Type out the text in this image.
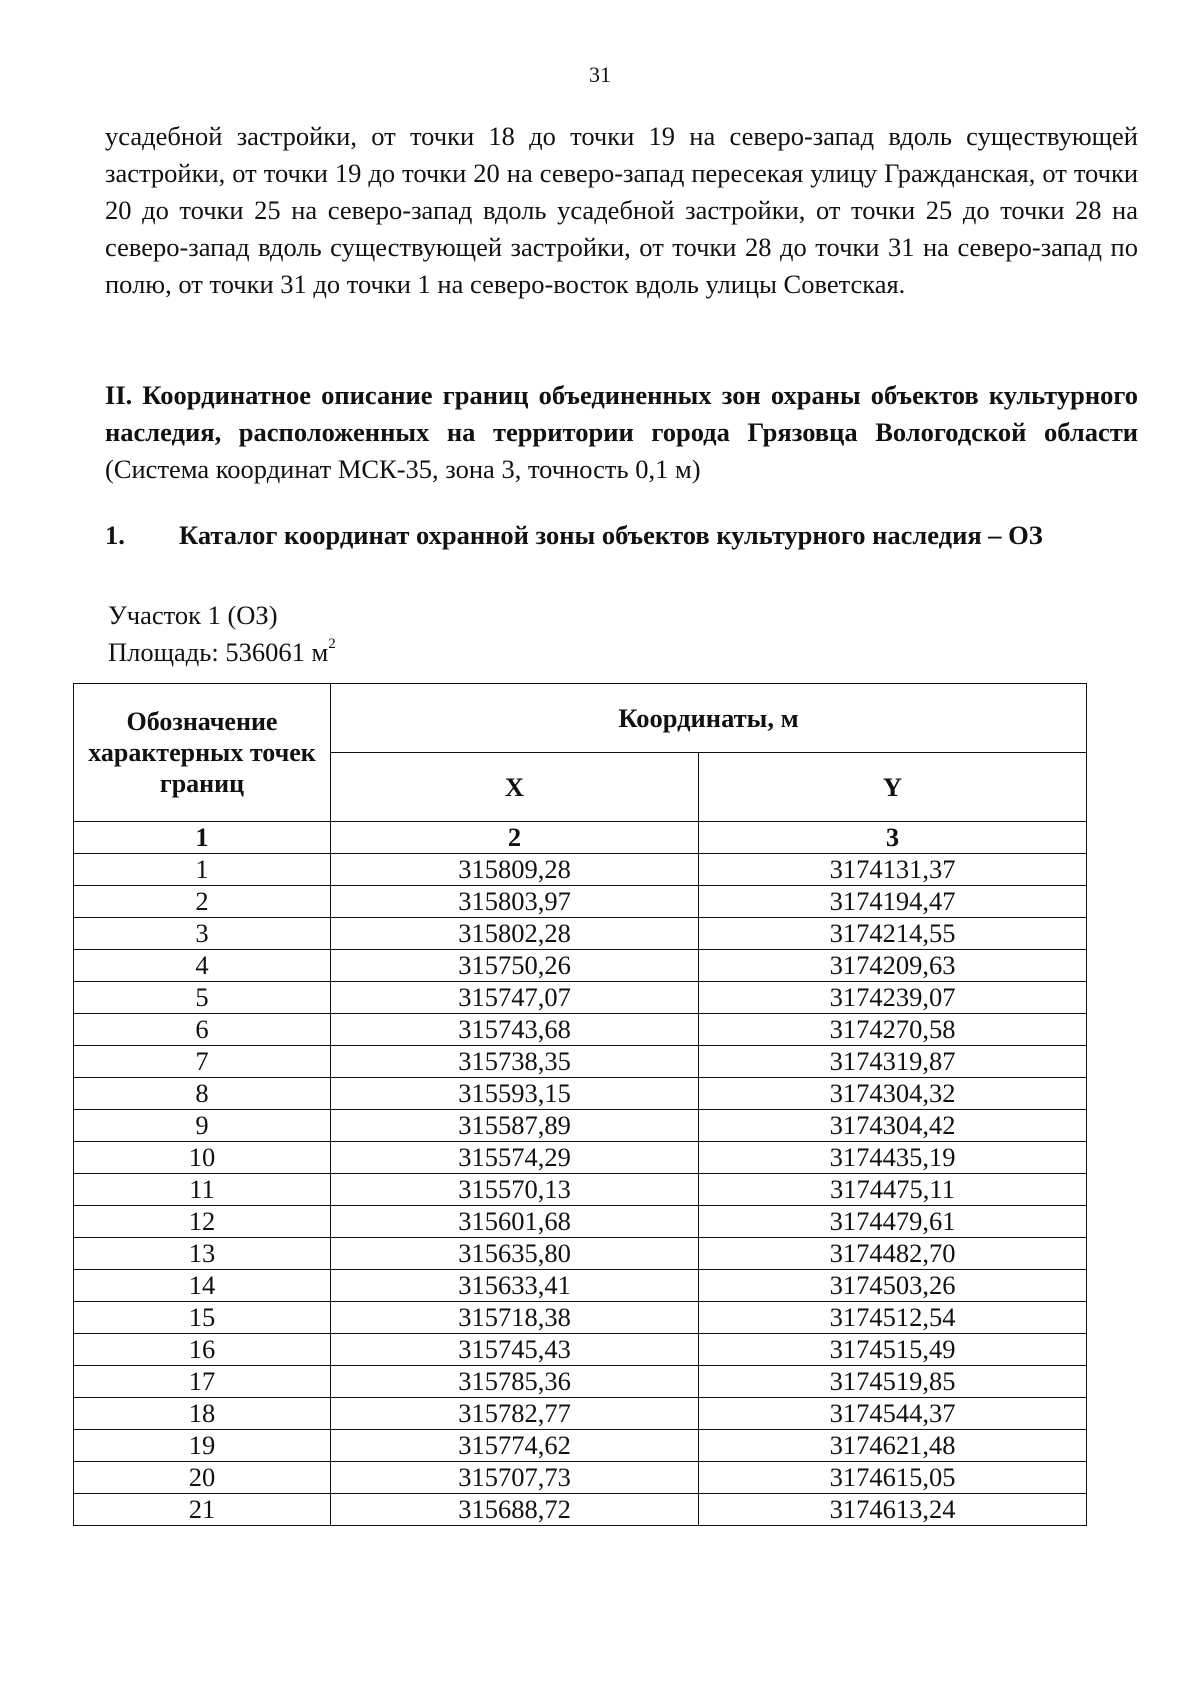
31

усадебной застройки, от точки 18 до точки 19 на северо-запад вдоль существующей застройки, от точки 19 до точки 20 на северо-запад пересекая улицу Гражданская, от точки 20 до точки 25 на северо-запад вдоль усадебной застройки, от точки 25 до точки 28 на северо-запад вдоль существующей застройки, от точки 28 до точки 31 на северо-запад по полю, от точки 31 до точки 1 на северо-восток вдоль улицы Советская.

II. Координатное описание границ объединенных зон охраны объектов культурного наследия, расположенных на территории города Грязовца Вологодской области (Система координат МСК-35, зона 3, точность 0,1 м)

1. Каталог координат охранной зоны объектов культурного наследия – ОЗ

Участок 1 (ОЗ)

Площадь: 536061 $м^2$

Обозначение характерных точек границ	Координаты, м	
	X	Y
1	2	3
1	315809,28	3174131,37
2	315803,97	3174194,47
3	315802,28	3174214,55
4	315750,26	3174209,63
5	315747,07	3174239,07
6	315743,68	3174270,58
7	315738,35	3174319,87
8	315593,15	3174304,32
9	315587,89	3174304,42
10	315574,29	3174435,19
11	315570,13	3174475,11
12	315601,68	3174479,61
13	315635,80	3174482,70
14	315633,41	3174503,26
15	315718,38	3174512,54
16	315745,43	3174515,49
17	315785,36	3174519,85
18	315782,77	3174544,37
19	315774,62	3174621,48
20	315707,73	3174615,05
21	315688,72	3174613,24
